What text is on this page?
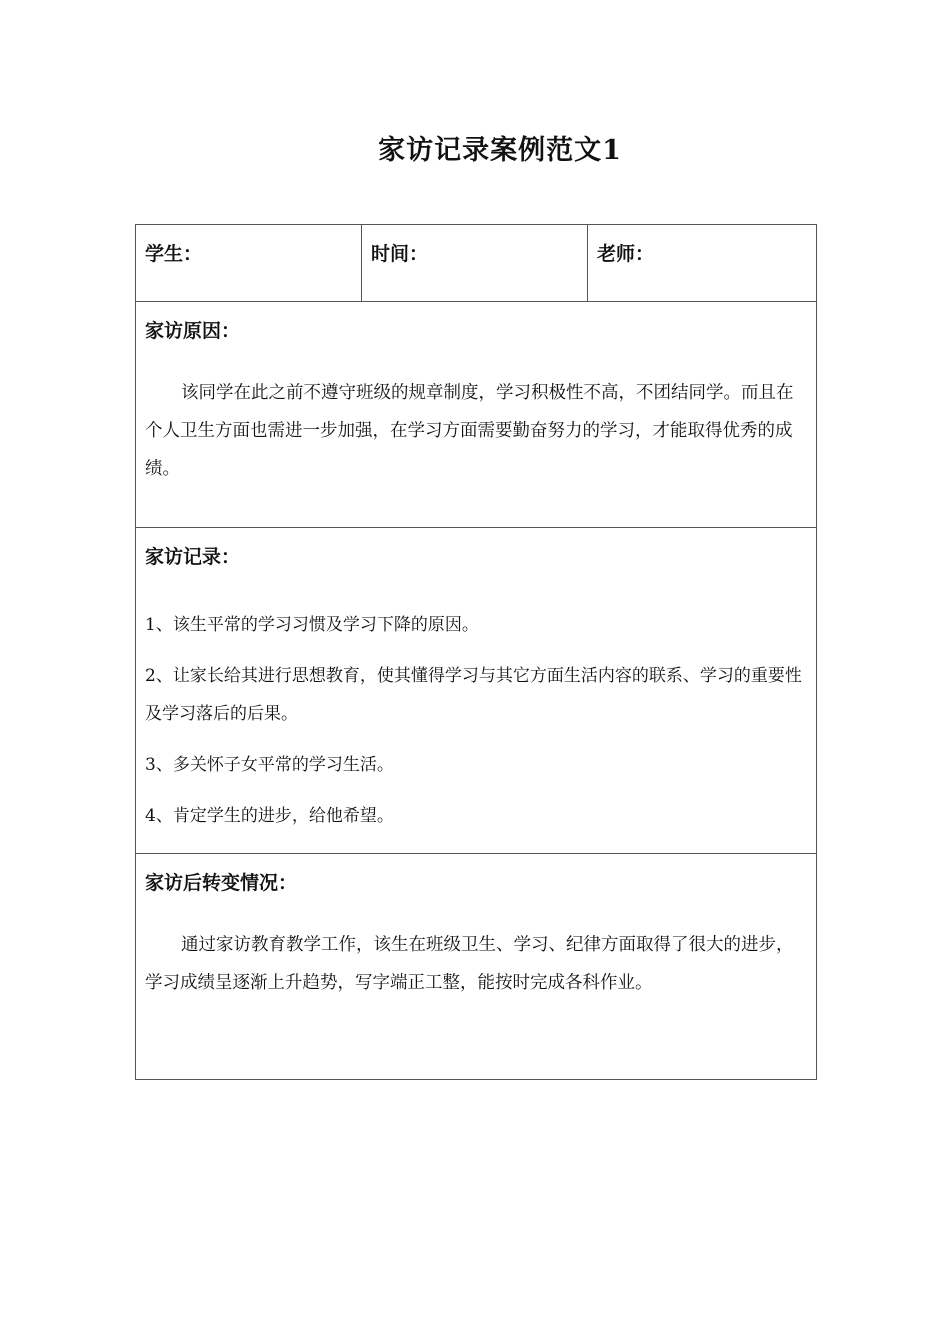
家访记录案例范文1
学生：	时间：	老师：

家访原因：

该同学在此之前不遵守班级的规章制度，学习积极性不高，不团结同学。而且在个人卫生方面也需进一步加强，在学习方面需要勤奋努力的学习，才能取得优秀的成绩。

家访记录：

1、该生平常的学习习惯及学习下降的原因。

2、让家长给其进行思想教育，使其懂得学习与其它方面生活内容的联系、学习的重要性及学习落后的后果。

3、多关怀子女平常的学习生活。

4、肯定学生的进步，给他希望。

家访后转变情况：

通过家访教育教学工作，该生在班级卫生、学习、纪律方面取得了很大的进步，学习成绩呈逐渐上升趋势，写字端正工整，能按时完成各科作业。
